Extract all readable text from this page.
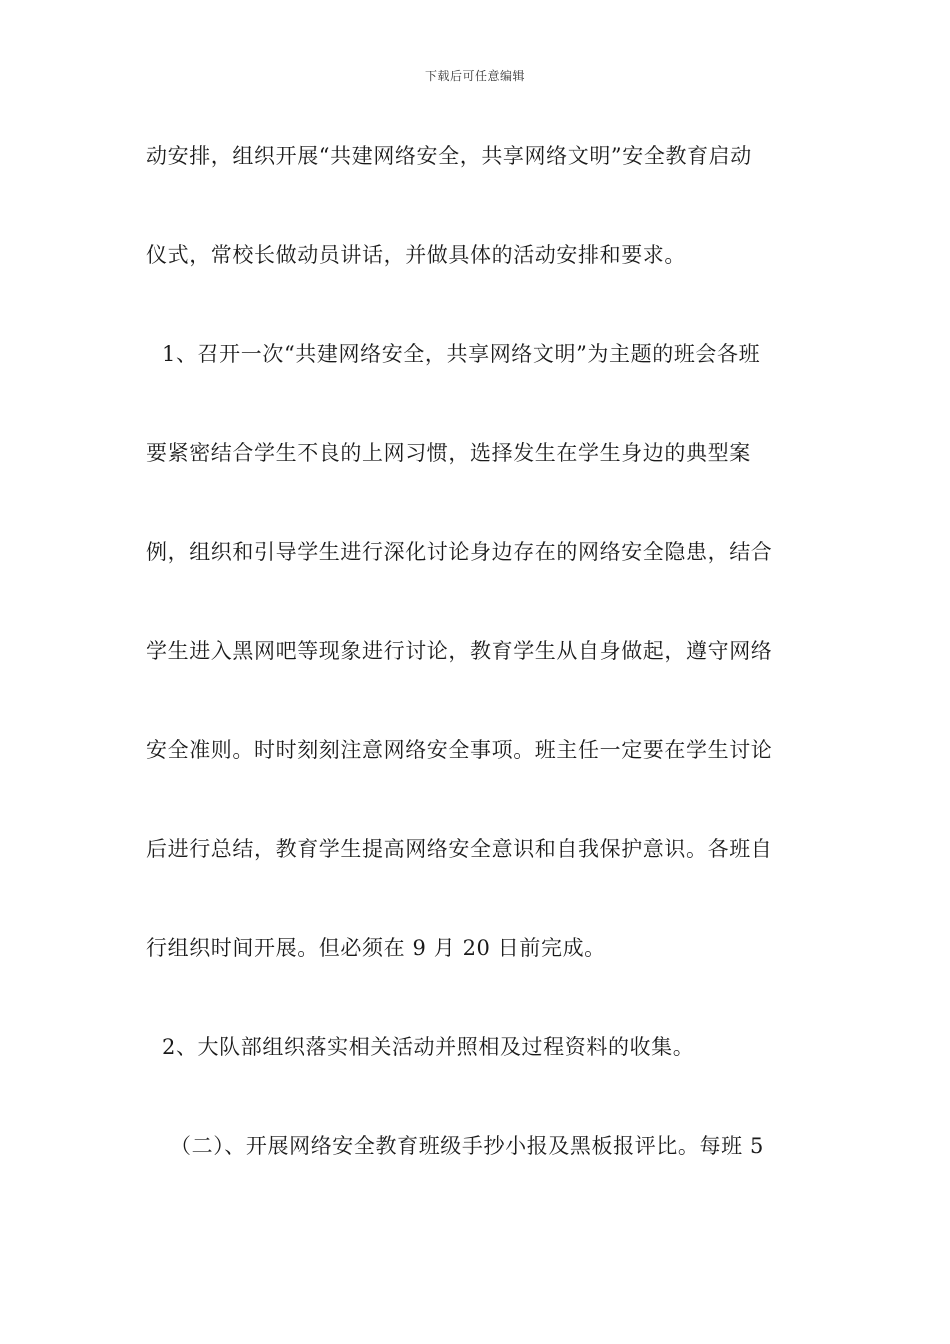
下载后可任意编辑
动安排，组织开展“共建网络安全，共享网络文明”安全教育启动
仪式，常校长做动员讲话，并做具体的活动安排和要求。
1、召开一次“共建网络安全，共享网络文明”为主题的班会各班
要紧密结合学生不良的上网习惯，选择发生在学生身边的典型案
例，组织和引导学生进行深化讨论身边存在的网络安全隐患，结合
学生进入黑网吧等现象进行讨论，教育学生从自身做起，遵守网络
安全准则。时时刻刻注意网络安全事项。班主任一定要在学生讨论
后进行总结，教育学生提高网络安全意识和自我保护意识。各班自
行组织时间开展。但必须在 9 月 20 日前完成。
2、大队部组织落实相关活动并照相及过程资料的收集。
（二）、开展网络安全教育班级手抄小报及黑板报评比。每班 5
